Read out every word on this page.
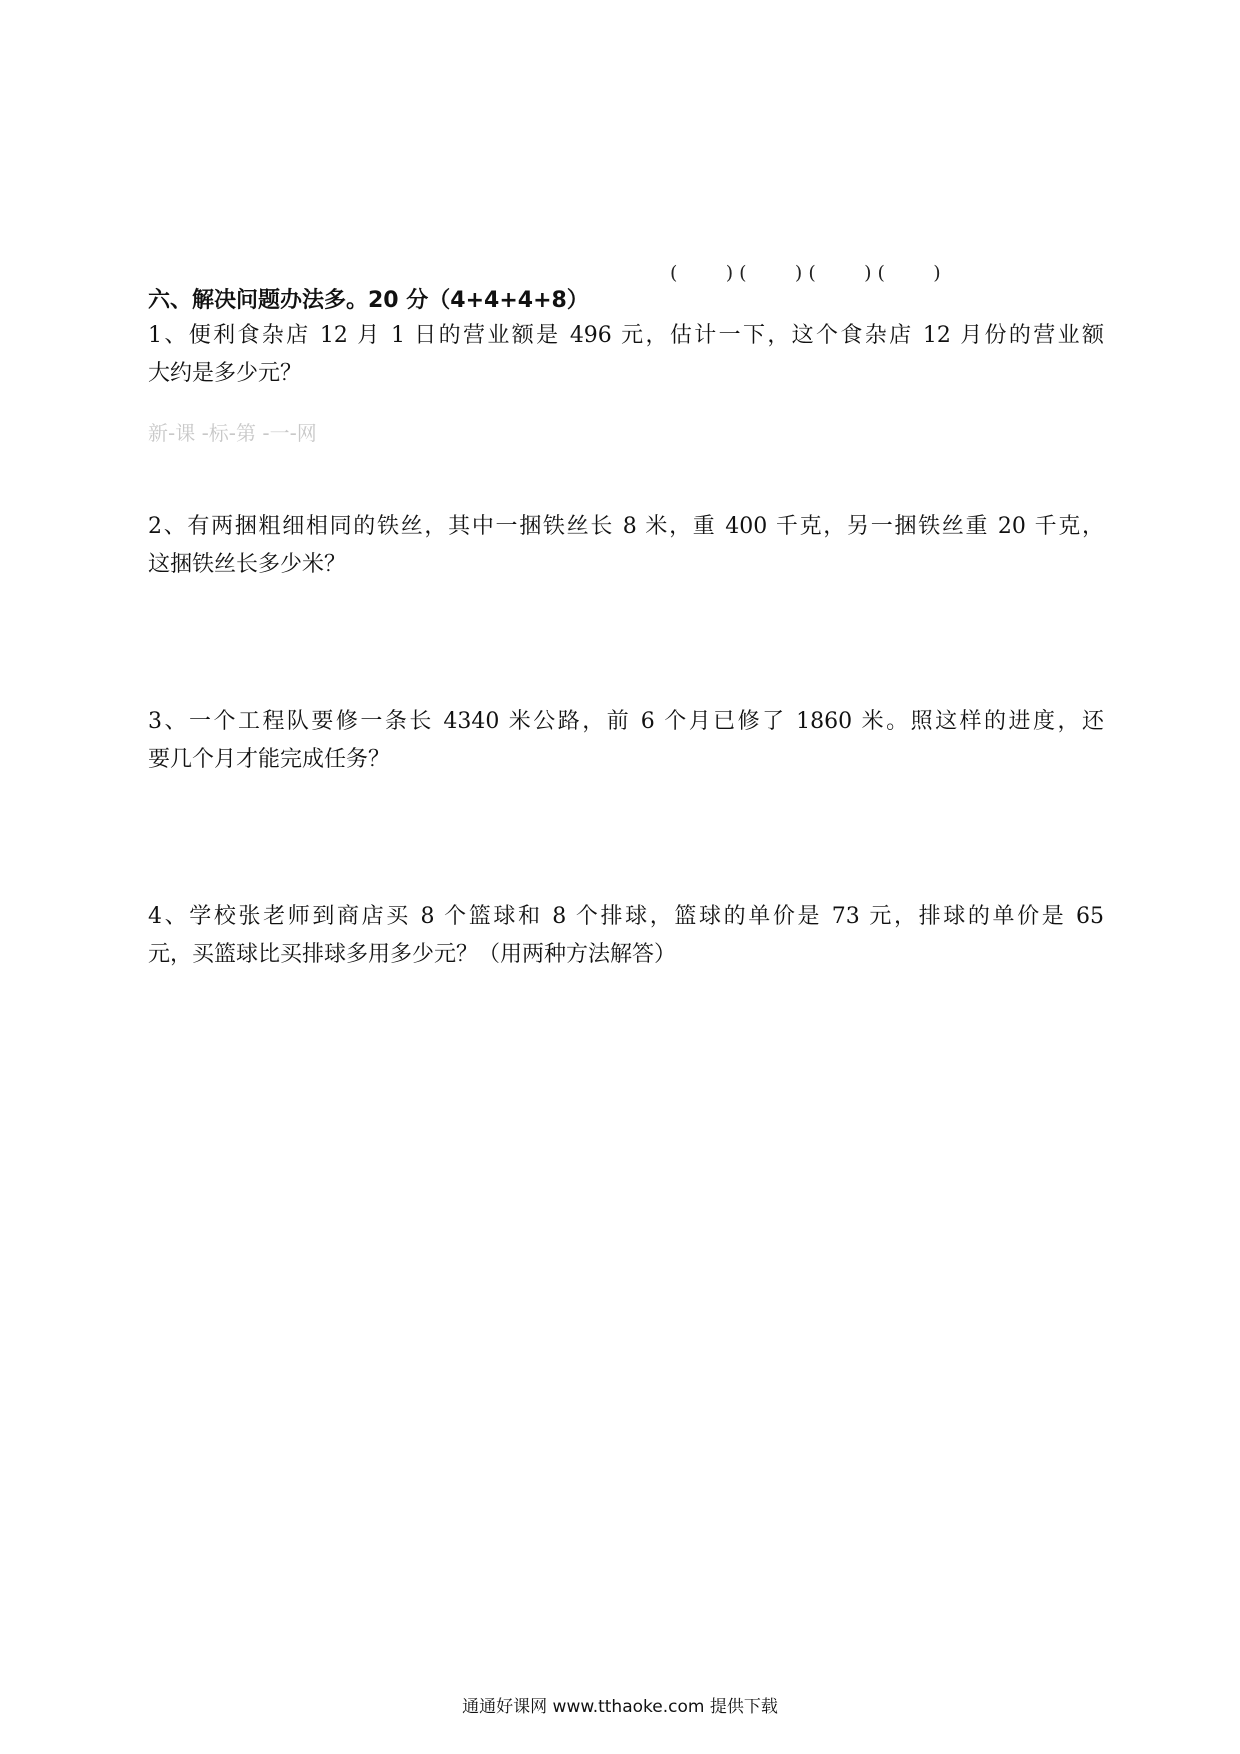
(        ) (        ) (        ) (        )
六、解决问题办法多。20 分（4+4+4+8）
1、便利食杂店 12 月 1 日的营业额是 496 元，估计一下，这个食杂店 12 月份的营业额
大约是多少元？
新-课 -标-第 -一-网
2、有两捆粗细相同的铁丝，其中一捆铁丝长 8 米，重 400 千克，另一捆铁丝重 20 千克，
这捆铁丝长多少米？
3、一个工程队要修一条长 4340 米公路，前 6 个月已修了 1860 米。照这样的进度，还
要几个月才能完成任务？
4、学校张老师到商店买 8 个篮球和 8 个排球，篮球的单价是 73 元，排球的单价是 65
元，买篮球比买排球多用多少元？（用两种方法解答）
通通好课网 www.tthaoke.com 提供下载
